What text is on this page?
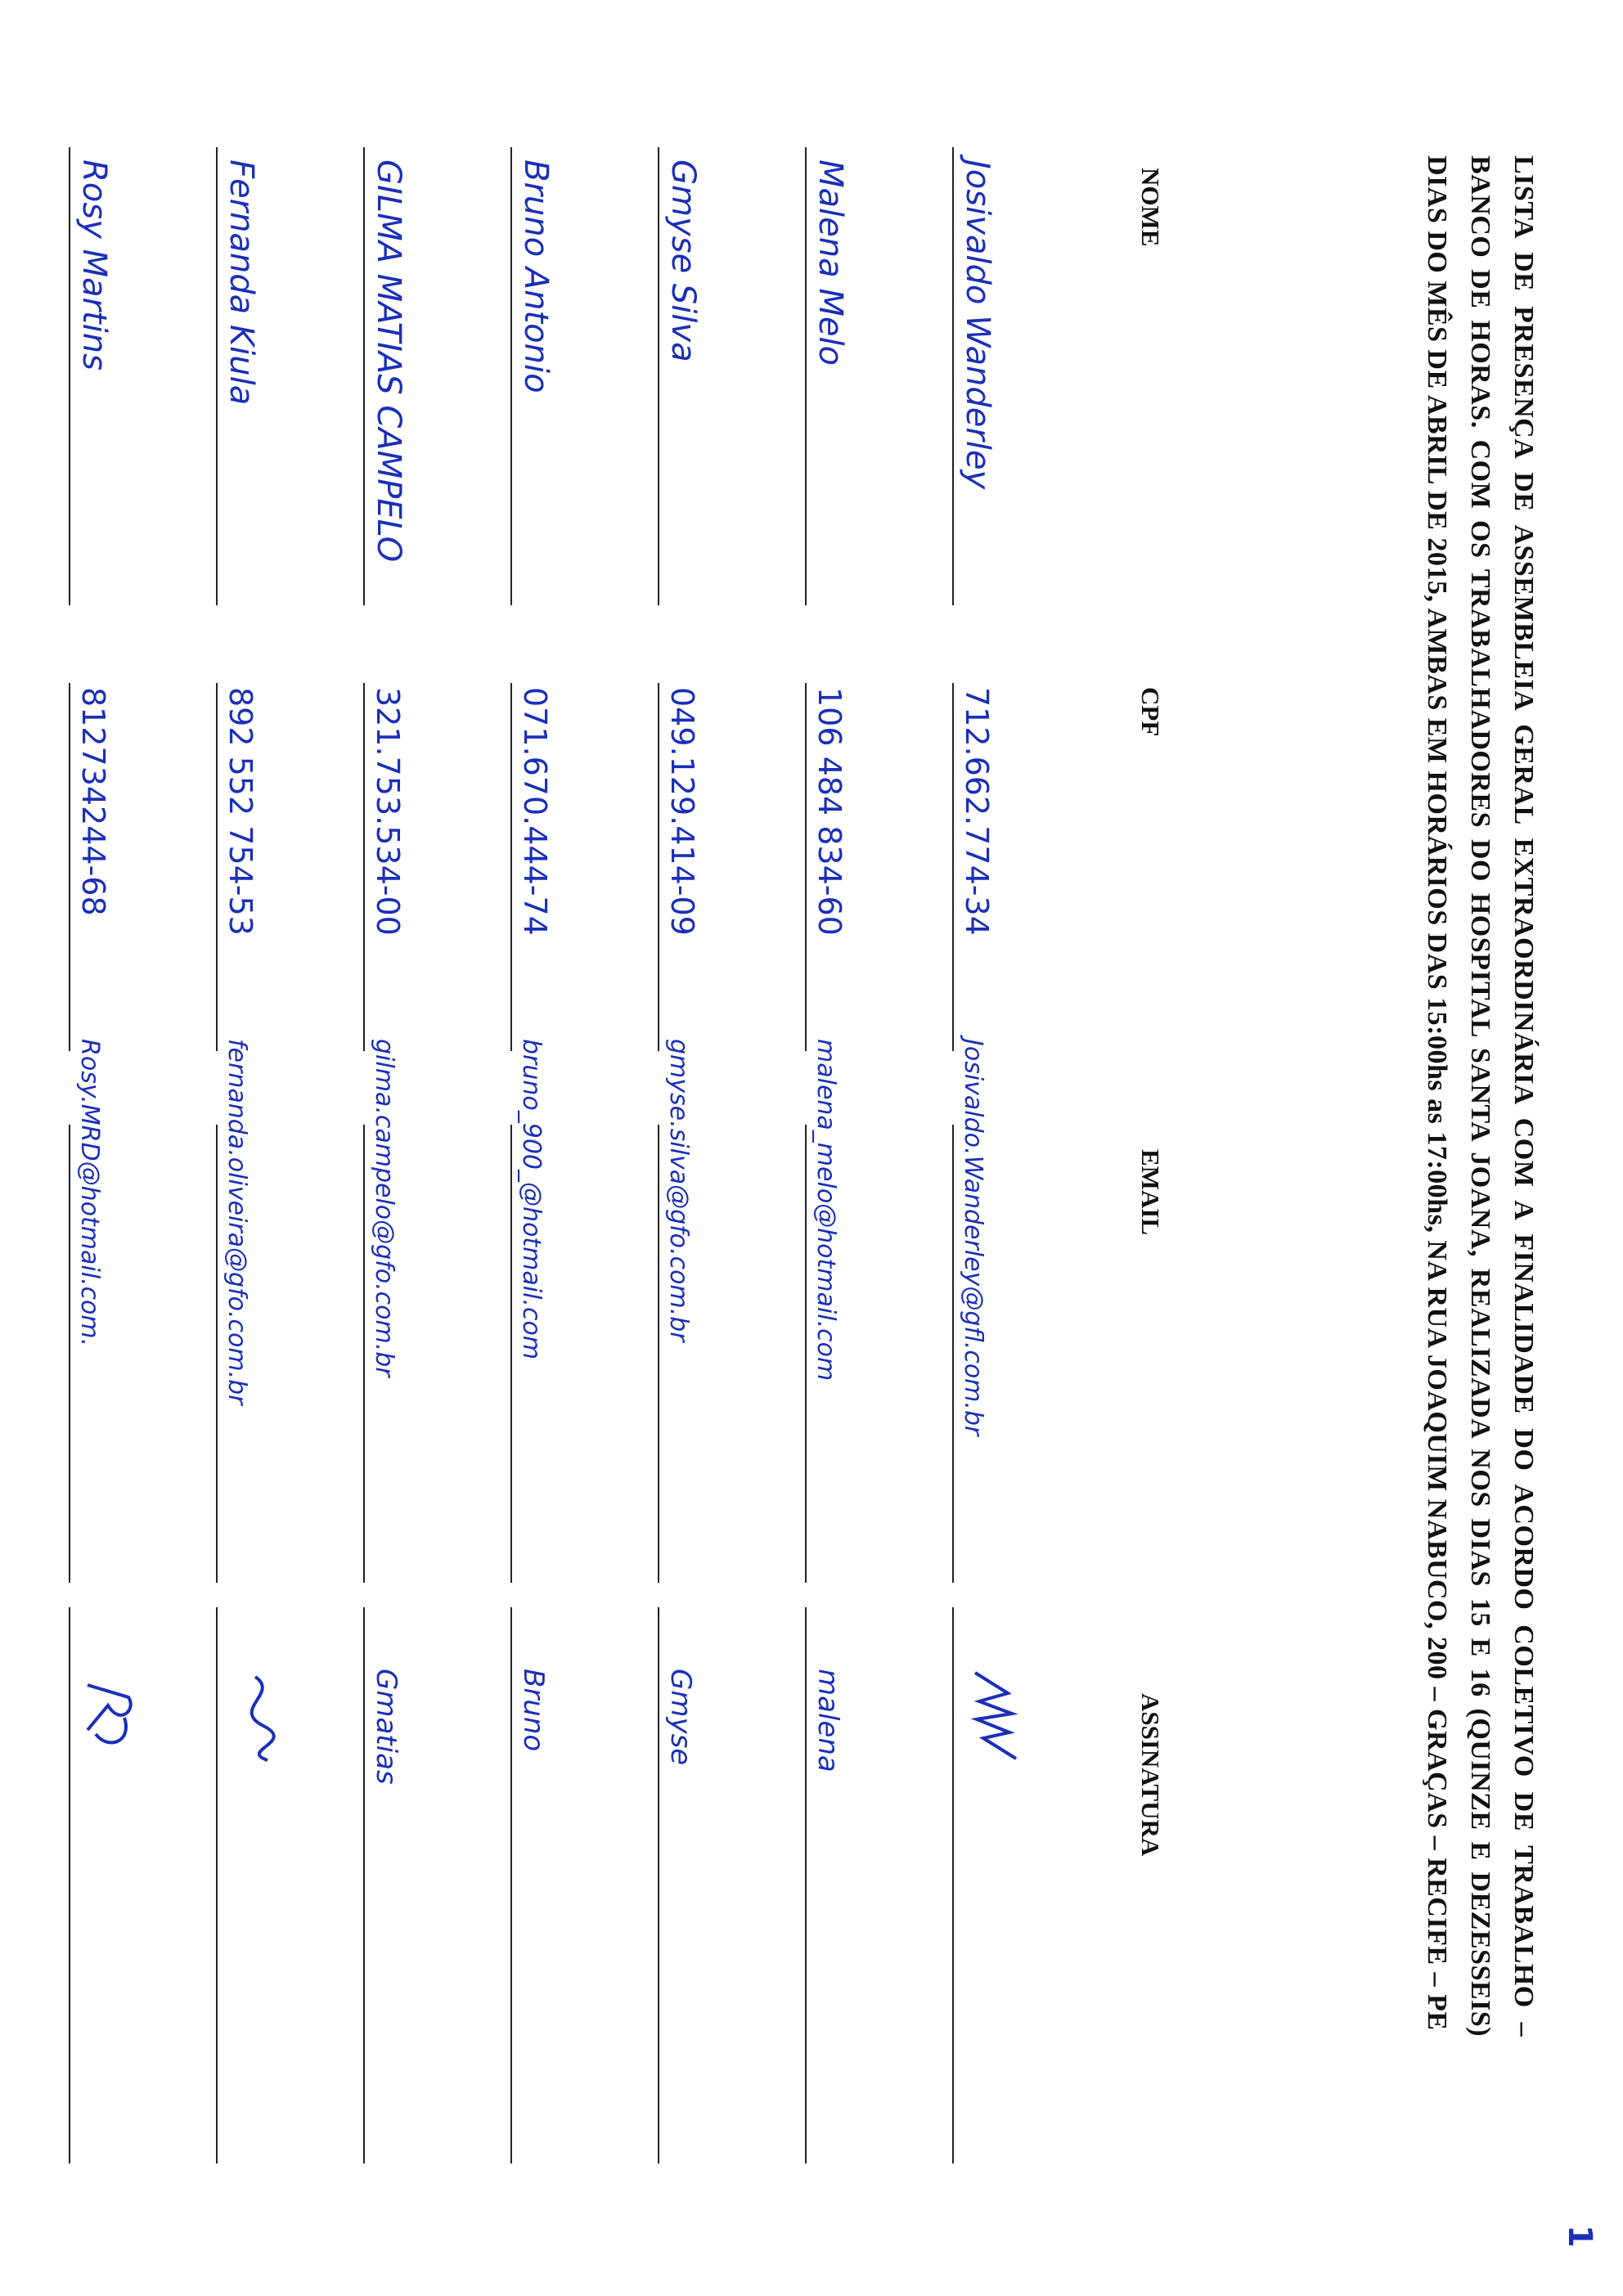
LISTA DE PRESENÇA DE ASSEMBLEIA GERAL EXTRAORDINÁRIA COM A FINALIDADE DO ACORDO COLETIVO DE TRABALHO – BANCO DE HORAS. COM OS TRABALHADORES DO HOSPITAL SANTA JOANA, REALIZADA NOS DIAS 15 E 16 (QUINZE E DEZESSEIS) DIAS DO MÊS DE ABRIL DE 2015, AMBAS EM HORÁRIOS DAS 15:00hs as 17:00hs, NA RUA JOAQUIM NABUCO, 200 – GRAÇAS – RECIFE – PE
NOME
CPF
EMAIL
ASSINATURA
Josivaldo Wanderley
712.662.774-34
Josivaldo.Wanderley@gfl.com.br
Malena Melo
106 484 834-60
malena_melo@hotmail.com
malena
Gmyse Silva
049.129.414-09
gmyse.silva@gfo.com.br
Gmyse
Bruno Antonio
071.670.444-74
bruno_900_@hotmail.com
Bruno
GILMA MATIAS CAMPELO
321.753.534-00
gilma.campelo@gfo.com.br
Gmatias
Fernanda Kiula
892 552 754-53
fernanda.oliveira@gfo.com.br
Rosy Martins
812734244-68
Rosy.MRD@hotmail.com.
1
